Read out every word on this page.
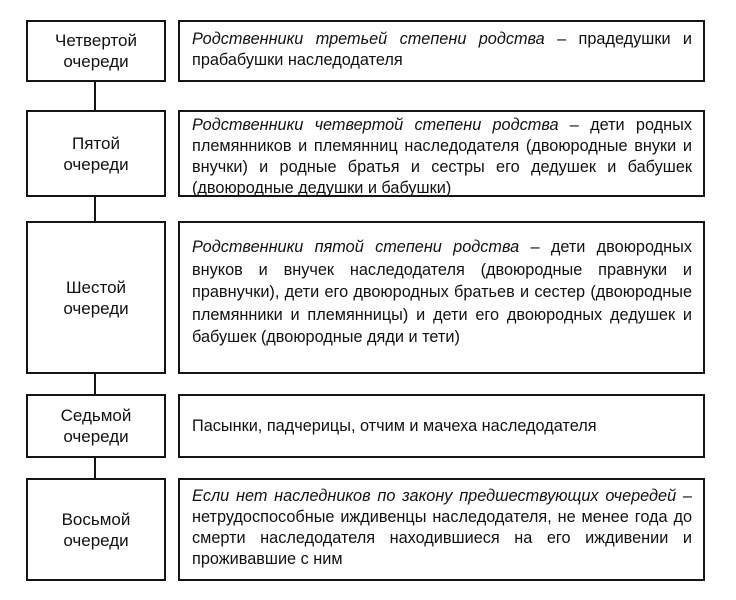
Четвертой
очереди
Родственники третьей степени родства – прадедушки и прабабушки наследодателя
Пятой
очереди
Родственники четвертой степени родства – дети родных племянников и племянниц наследодателя (двоюродные внуки и внучки) и родные братья и сестры его дедушек и бабушек (двоюродные дедушки и бабушки)
Шестой
очереди
Родственники пятой степени родства – дети двоюродных внуков и внучек наследодателя (двоюродные правнуки и правнучки), дети его двоюродных братьев и сестер (двоюродные племянники и племянницы) и дети его двоюродных дедушек и бабушек (двоюродные дяди и тети)
Седьмой
очереди
Пасынки, падчерицы, отчим и мачеха наследодателя
Восьмой
очереди
Если нет наследников по закону предшествующих очередей – нетрудоспособные иждивенцы наследодателя, не менее года до смерти наследодателя находившиеся на его иждивении и проживавшие с ним
